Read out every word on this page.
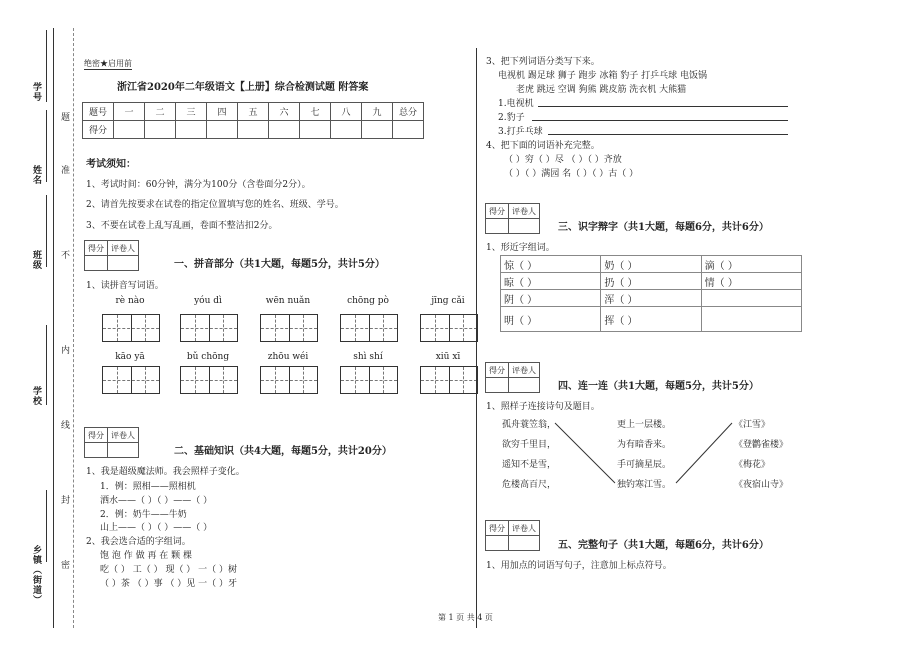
题
准
不
内
线
封
密
学号
姓名
班级
学校
乡镇（街道）
绝密★启用前
浙江省2020年二年级语文【上册】综合检测试题 附答案
题号	一	二	三	四	五	六	七	八	九	总分
得分										
考试须知：
1、考试时间：60分钟，满分为100分（含卷面分2分）。
2、请首先按要求在试卷的指定位置填写您的姓名、班级、学号。
3、不要在试卷上乱写乱画，卷面不整洁扣2分。
得分	评卷人

一、拼音部分（共1大题，每题5分，共计5分）
1、读拼音写词语。
rè nào	yóu dì	wēn nuǎn	chōng pò	jīng cǎi
kāo yā	bǔ chōng	zhōu wéi	shì shí	xiū xī
得分	评卷人

二、基础知识（共4大题，每题5分，共计20分）
1、我是超级魔法师。我会照样子变化。
1．例：照相——照相机
洒水——（ ）（ ）——（ ）
2．例：奶牛——牛奶
山上——（ ）（ ）——（ ）
2、我会选合适的字组词。
饱 泡 作 做 再 在 颗 棵
吃（ ） 工（ ） 现（ ） 一（ ）树
（ ）茶 （ ）事 （ ）见 一（ ）牙
3、把下列词语分类写下来。
电视机 踢足球 狮子 跑步 冰箱 豹子 打乒乓球 电饭锅
老虎 跳远 空调 狗熊 跳皮筋 洗衣机 大熊猫
1.电视机
2.豹子
3.打乒乓球
4、把下面的词语补充完整。
（ ）穷（ ）尽 （ ）（ ）齐放
（ ）（ ）满园 名（ ）（ ）古（ ）
得分	评卷人

三、识字辩字（共1大题，每题6分，共计6分）
1、形近字组词。
惊（ ）	奶（ ）	滴（ ）
晾（ ）	扔（ ）	情（ ）
阴（ ）	浑（ ）	
明（ ）	挥（ ）	
得分	评卷人

四、连一连（共1大题，每题5分，共计5分）
1、照样子连接诗句及题目。
孤舟蓑笠翁，
欲穷千里目，
遥知不是雪，
危楼高百尺，
更上一层楼。
为有暗香来。
手可摘星辰。
独钓寒江雪。
《江雪》
《登鹳雀楼》
《梅花》
《夜宿山寺》
得分	评卷人

五、完整句子（共1大题，每题6分，共计6分）
1、用加点的词语写句子，注意加上标点符号。
第 1 页 共 4 页
